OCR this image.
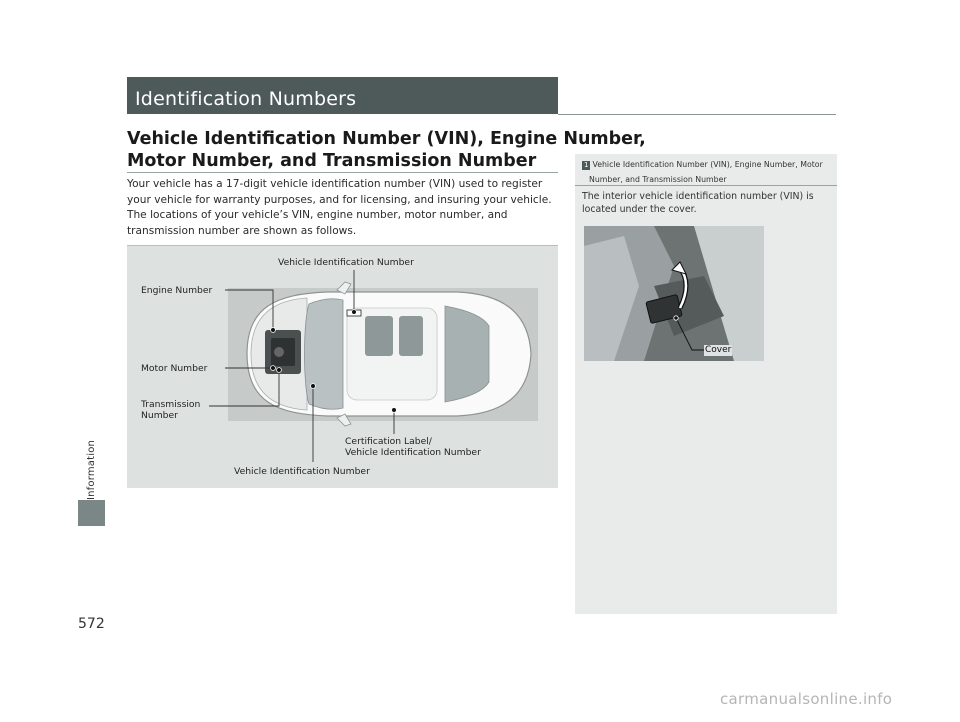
Identification Numbers
Vehicle Identification Number (VIN), Engine Number,
Motor Number, and Transmission Number

Your vehicle has a 17-digit vehicle identification number (VIN) used to register your vehicle for warranty purposes, and for licensing, and insuring your vehicle.

The locations of your vehicle’s VIN, engine number, motor number, and transmission number are shown as follows.

Vehicle Identification Number
Engine Number
Motor Number
Transmission
Number
Certification Label/
Vehicle Identification Number
Vehicle Identification Number
Information
572
1 Vehicle Identification Number (VIN), Engine Number, Motor
Number, and Transmission Number
The interior vehicle identification number (VIN) is located under the cover.
Cover
carmanualsonline.info
